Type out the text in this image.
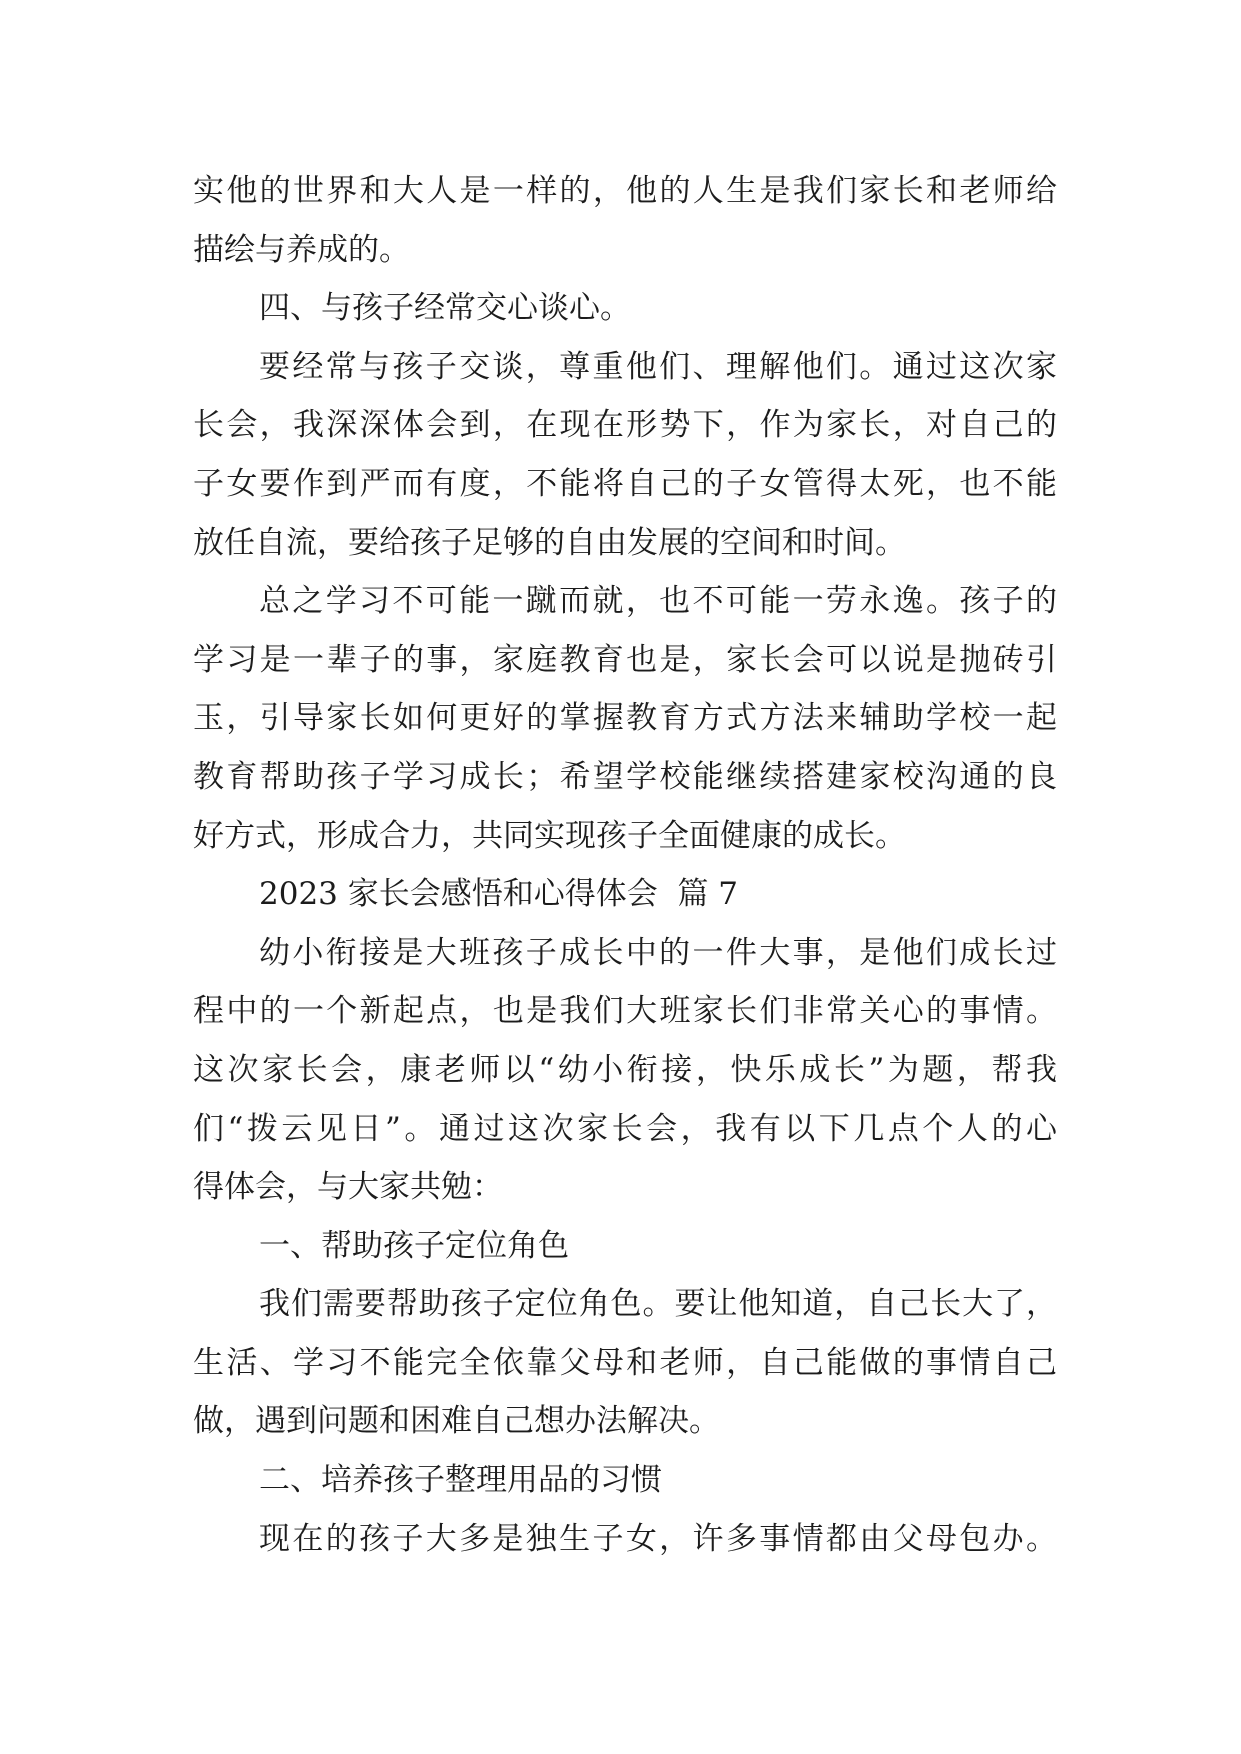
实他的世界和大人是一样的，他的人生是我们家长和老师给
描绘与养成的。
四、与孩子经常交心谈心。
要经常与孩子交谈，尊重他们、理解他们。通过这次家
长会，我深深体会到，在现在形势下，作为家长，对自己的
子女要作到严而有度，不能将自己的子女管得太死，也不能
放任自流，要给孩子足够的自由发展的空间和时间。
总之学习不可能一蹴而就，也不可能一劳永逸。孩子的
学习是一辈子的事，家庭教育也是，家长会可以说是抛砖引
玉，引导家长如何更好的掌握教育方式方法来辅助学校一起
教育帮助孩子学习成长；希望学校能继续搭建家校沟通的良
好方式，形成合力，共同实现孩子全面健康的成长。
2023 家长会感悟和心得体会  篇 7
幼小衔接是大班孩子成长中的一件大事，是他们成长过
程中的一个新起点，也是我们大班家长们非常关心的事情。
这次家长会，康老师以“幼小衔接，快乐成长”为题，帮我
们“拨云见日”。通过这次家长会，我有以下几点个人的心
得体会，与大家共勉：
一、帮助孩子定位角色
我们需要帮助孩子定位角色。要让他知道，自己长大了，
生活、学习不能完全依靠父母和老师，自己能做的事情自己
做，遇到问题和困难自己想办法解决。
二、培养孩子整理用品的习惯
现在的孩子大多是独生子女，许多事情都由父母包办。
